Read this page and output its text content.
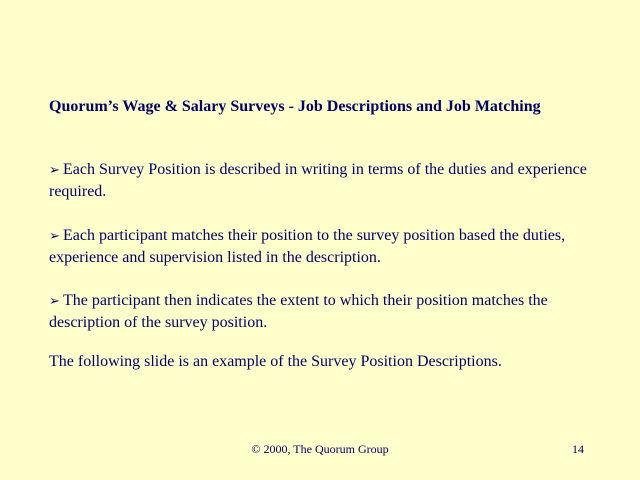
Quorum’s Wage & Salary Surveys - Job Descriptions and Job Matching

➢ Each Survey Position is described in writing in terms of the duties and experience required.

➢ Each participant matches their position to the survey position based the duties, experience and supervision listed in the description.

➢ The participant then indicates the extent to which their position matches the description of the survey position.

The following slide is an example of the Survey Position Descriptions.

© 2000, The Quorum Group	14
